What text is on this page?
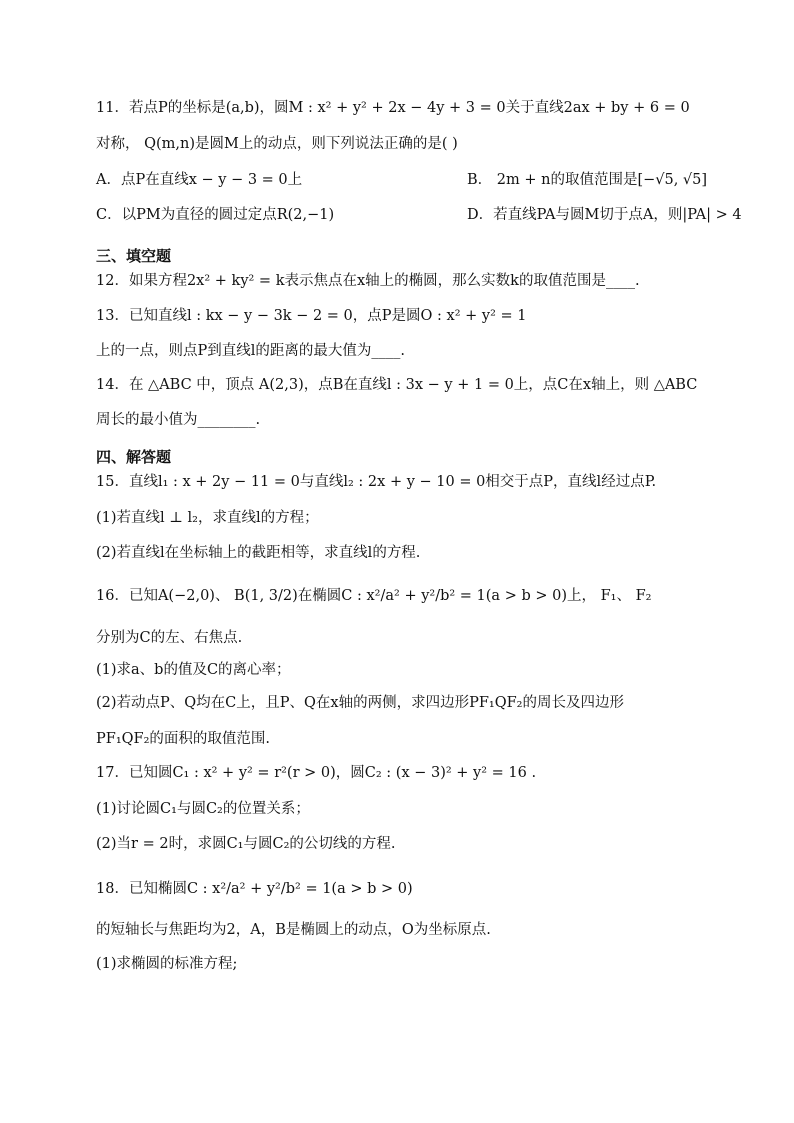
11．若点P的坐标是(a,b)，圆M : x² + y² + 2x − 4y + 3 = 0关于直线2ax + by + 6 = 0
对称， Q(m,n)是圆M上的动点，则下列说法正确的是( )
A．点P在直线x − y − 3 = 0上	B． 2m + n的取值范围是[−√5, √5]
C．以PM为直径的圆过定点R(2,−1)	D．若直线PA与圆M切于点A，则|PA| > 4
三、填空题
12．如果方程2x² + ky² = k表示焦点在x轴上的椭圆，那么实数k的取值范围是____.
13．已知直线l : kx − y − 3k − 2 = 0，点P是圆O : x² + y² = 1
上的一点，则点P到直线l的距离的最大值为____.
14．在 △ABC 中，顶点 A(2,3)，点B在直线l : 3x − y + 1 = 0上，点C在x轴上，则 △ABC
周长的最小值为________.
四、解答题
15．直线l₁ : x + 2y − 11 = 0与直线l₂ : 2x + y − 10 = 0相交于点P，直线l经过点P.
(1)若直线l ⊥ l₂，求直线l的方程；
(2)若直线l在坐标轴上的截距相等，求直线l的方程.
16．已知A(−2,0)、 B(1, 3/2)在椭圆C : x²/a² + y²/b² = 1(a > b > 0)上， F₁、 F₂
分别为C的左、右焦点.
(1)求a、b的值及C的离心率；
(2)若动点P、Q均在C上，且P、Q在x轴的两侧，求四边形PF₁QF₂的周长及四边形
PF₁QF₂的面积的取值范围.
17．已知圆C₁ : x² + y² = r²(r > 0)，圆C₂ : (x − 3)² + y² = 16 .
(1)讨论圆C₁与圆C₂的位置关系；
(2)当r = 2时，求圆C₁与圆C₂的公切线的方程.
18．已知椭圆C : x²/a² + y²/b² = 1(a > b > 0)
的短轴长与焦距均为2，A，B是椭圆上的动点，O为坐标原点.
(1)求椭圆的标准方程;
